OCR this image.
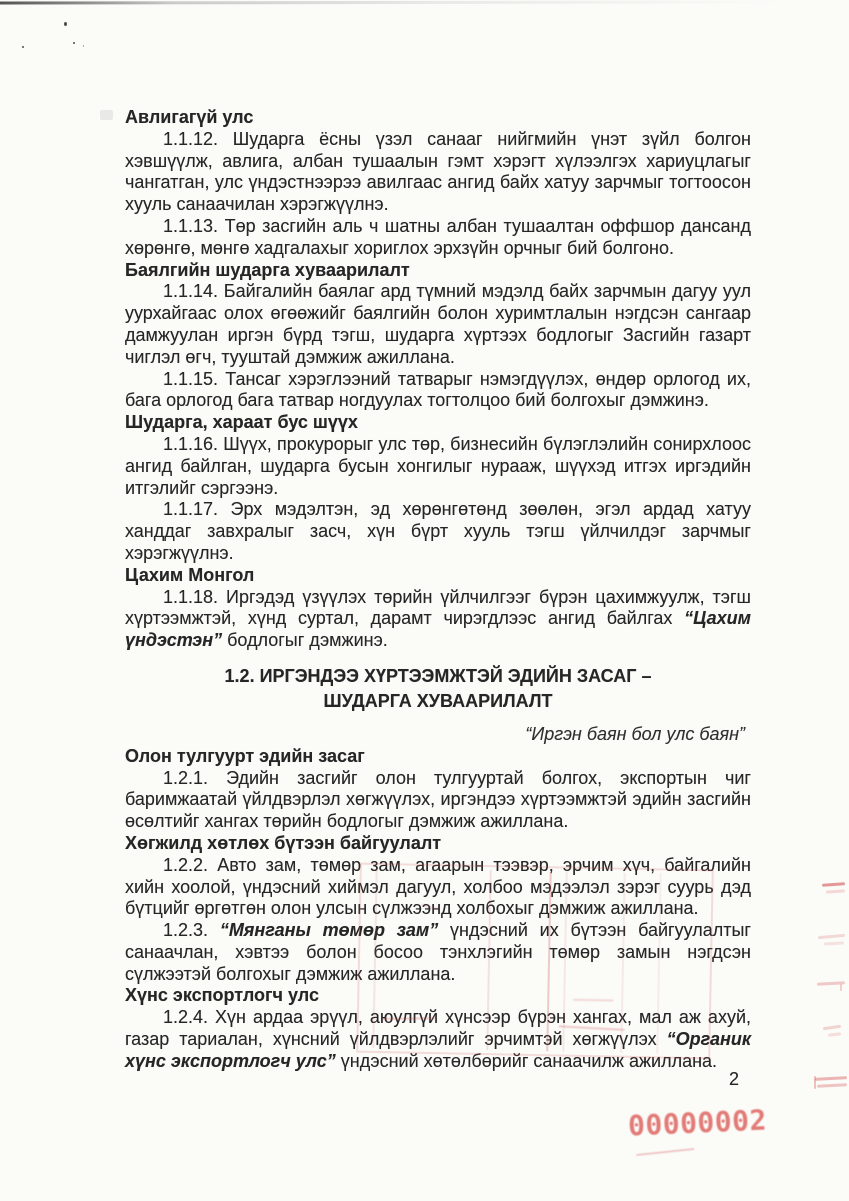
Авлигагүй улс

1.1.12. Шударга ёсны үзэл санааг нийгмийн үнэт зүйл болгон хэвшүүлж, авлига, албан тушаалын гэмт хэрэгт хүлээлгэх хариуцлагыг чангатган, улс үндэстнээрээ авилгаас ангид байх хатуу зарчмыг тогтоосон хууль санаачилан хэрэгжүүлнэ.

1.1.13. Төр засгийн аль ч шатны албан тушаалтан оффшор дансанд хөрөнгө, мөнгө хадгалахыг хориглох эрхзүйн орчныг бий болгоно.

Баялгийн шударга хуваарилалт

1.1.14. Байгалийн баялаг ард түмний мэдэлд байх зарчмын дагуу уул уурхайгаас олох өгөөжийг баялгийн болон хуримтлалын нэгдсэн сангаар дамжуулан иргэн бүрд тэгш, шударга хүртээх бодлогыг Засгийн газарт чиглэл өгч, тууштай дэмжиж ажиллана.

1.1.15. Тансаг хэрэглээний татварыг нэмэгдүүлэх, өндөр орлогод их, бага орлогод бага татвар ногдуулах тогтолцоо бий болгохыг дэмжинэ.

Шударга, хараат бус шүүх

1.1.16. Шүүх, прокурорыг улс төр, бизнесийн бүлэглэлийн сонирхлоос ангид байлган, шударга бусын хонгилыг нурааж, шүүхэд итгэх иргэдийн итгэлийг сэргээнэ.

1.1.17. Эрх мэдэлтэн, эд хөрөнгөтөнд зөөлөн, эгэл ардад хатуу ханддаг завхралыг засч, хүн бүрт хууль тэгш үйлчилдэг зарчмыг хэрэгжүүлнэ.

Цахим Монгол

1.1.18. Иргэдэд үзүүлэх төрийн үйлчилгээг бүрэн цахимжуулж, тэгш хүртээмжтэй, хүнд суртал, дарамт чирэгдлээс ангид байлгах “Цахим үндэстэн” бодлогыг дэмжинэ.

1.2. ИРГЭНДЭЭ ХҮРТЭЭМЖТЭЙ ЭДИЙН ЗАСАГ –
ШУДАРГА ХУВААРИЛАЛТ
“Иргэн баян бол улс баян”
Олон тулгуурт эдийн засаг

1.2.1. Эдийн засгийг олон тулгууртай болгох, экспортын чиг баримжаатай үйлдвэрлэл хөгжүүлэх, иргэндээ хүртээмжтэй эдийн засгийн өсөлтийг хангах төрийн бодлогыг дэмжиж ажиллана.

Хөгжилд хөтлөх бүтээн байгуулалт

1.2.2. Авто зам, төмөр зам, агаарын тээвэр, эрчим хүч, байгалийн хийн хоолой, үндэсний хиймэл дагуул, холбоо мэдээлэл зэрэг суурь дэд бүтцийг өргөтгөн олон улсын сүлжээнд холбохыг дэмжиж ажиллана.

1.2.3. “Мянганы төмөр зам” үндэсний их бүтээн байгуулалтыг санаачлан, хэвтээ болон босоо тэнхлэгийн төмөр замын нэгдсэн сүлжээтэй болгохыг дэмжиж ажиллана.

Хүнс экспортлогч улс

1.2.4. Хүн ардаа эрүүл, аюулгүй хүнсээр бүрэн хангах, мал аж ахуй, газар тариалан, хүнсний үйлдвэрлэлийг эрчимтэй хөгжүүлэх “Органик хүнс экспортлогч улс” үндэсний хөтөлбөрийг санаачилж ажиллана.

2
00000002
